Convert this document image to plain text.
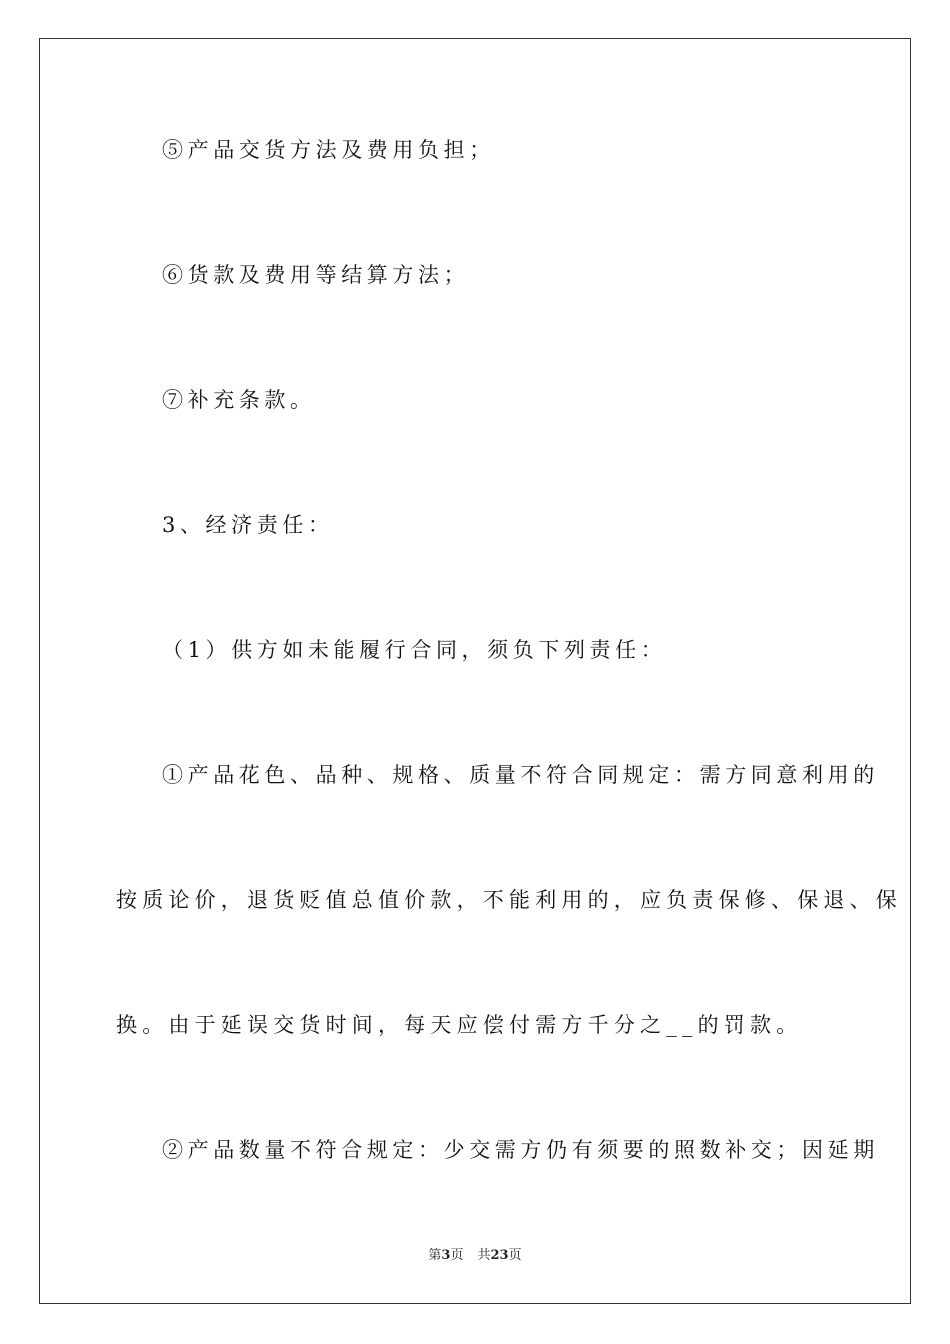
⑤产品交货方法及费用负担；
⑥货款及费用等结算方法；
⑦补充条款。
3、经济责任：
（1）供方如未能履行合同，须负下列责任：
①产品花色、品种、规格、质量不符合同规定：需方同意利用的
按质论价，退货贬值总值价款，不能利用的，应负责保修、保退、保
换。由于延误交货时间，每天应偿付需方千分之__的罚款。
②产品数量不符合规定：少交需方仍有须要的照数补交；因延期
第3页 共23页
